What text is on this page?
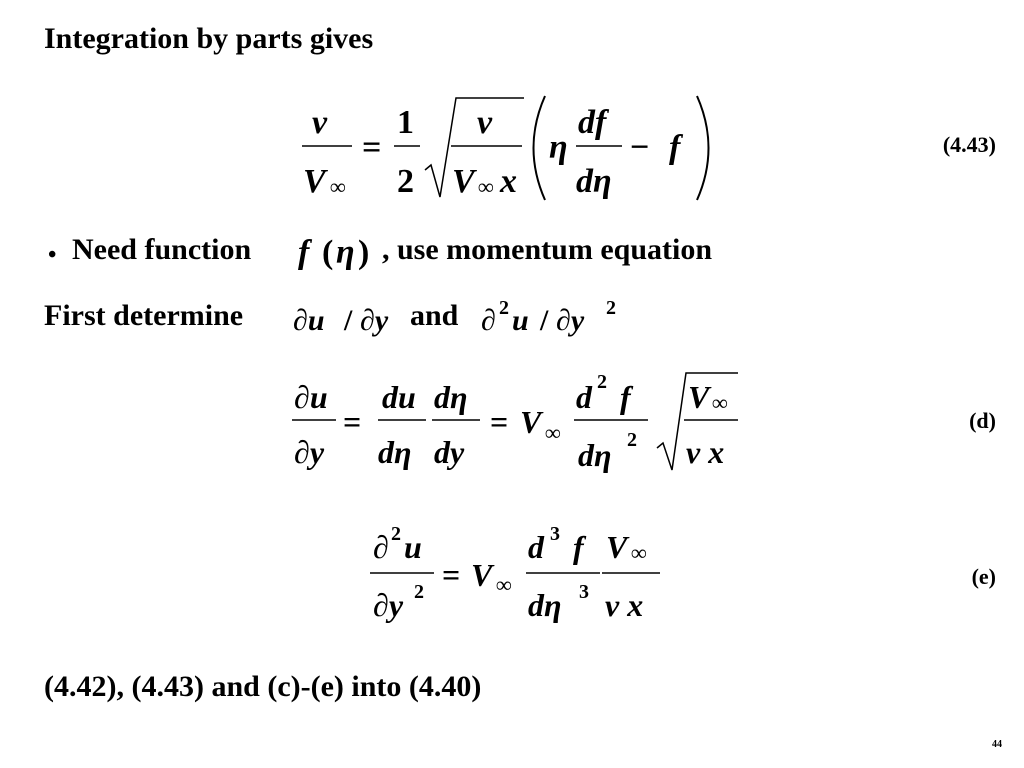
Integration by parts gives
v
V ∞
=
1
2
ν
V ∞ x
η
df
dη
− f
•	f ( η )
∂u / ∂y	∂ 2 u / ∂y 2
∂u
∂y
=
du
dη
dη
dy
= V ∞
d 2 f
dη 2
V ∞
ν x
∂ 2 u
∂y 2 = V ∞
d 3 f
dη 3
V ∞
ν x
Need function	, use momentum equation
First determine	and
(4.43)
(d)
(e)
(4.42), (4.43) and (c)-(e) into (4.40)
44
